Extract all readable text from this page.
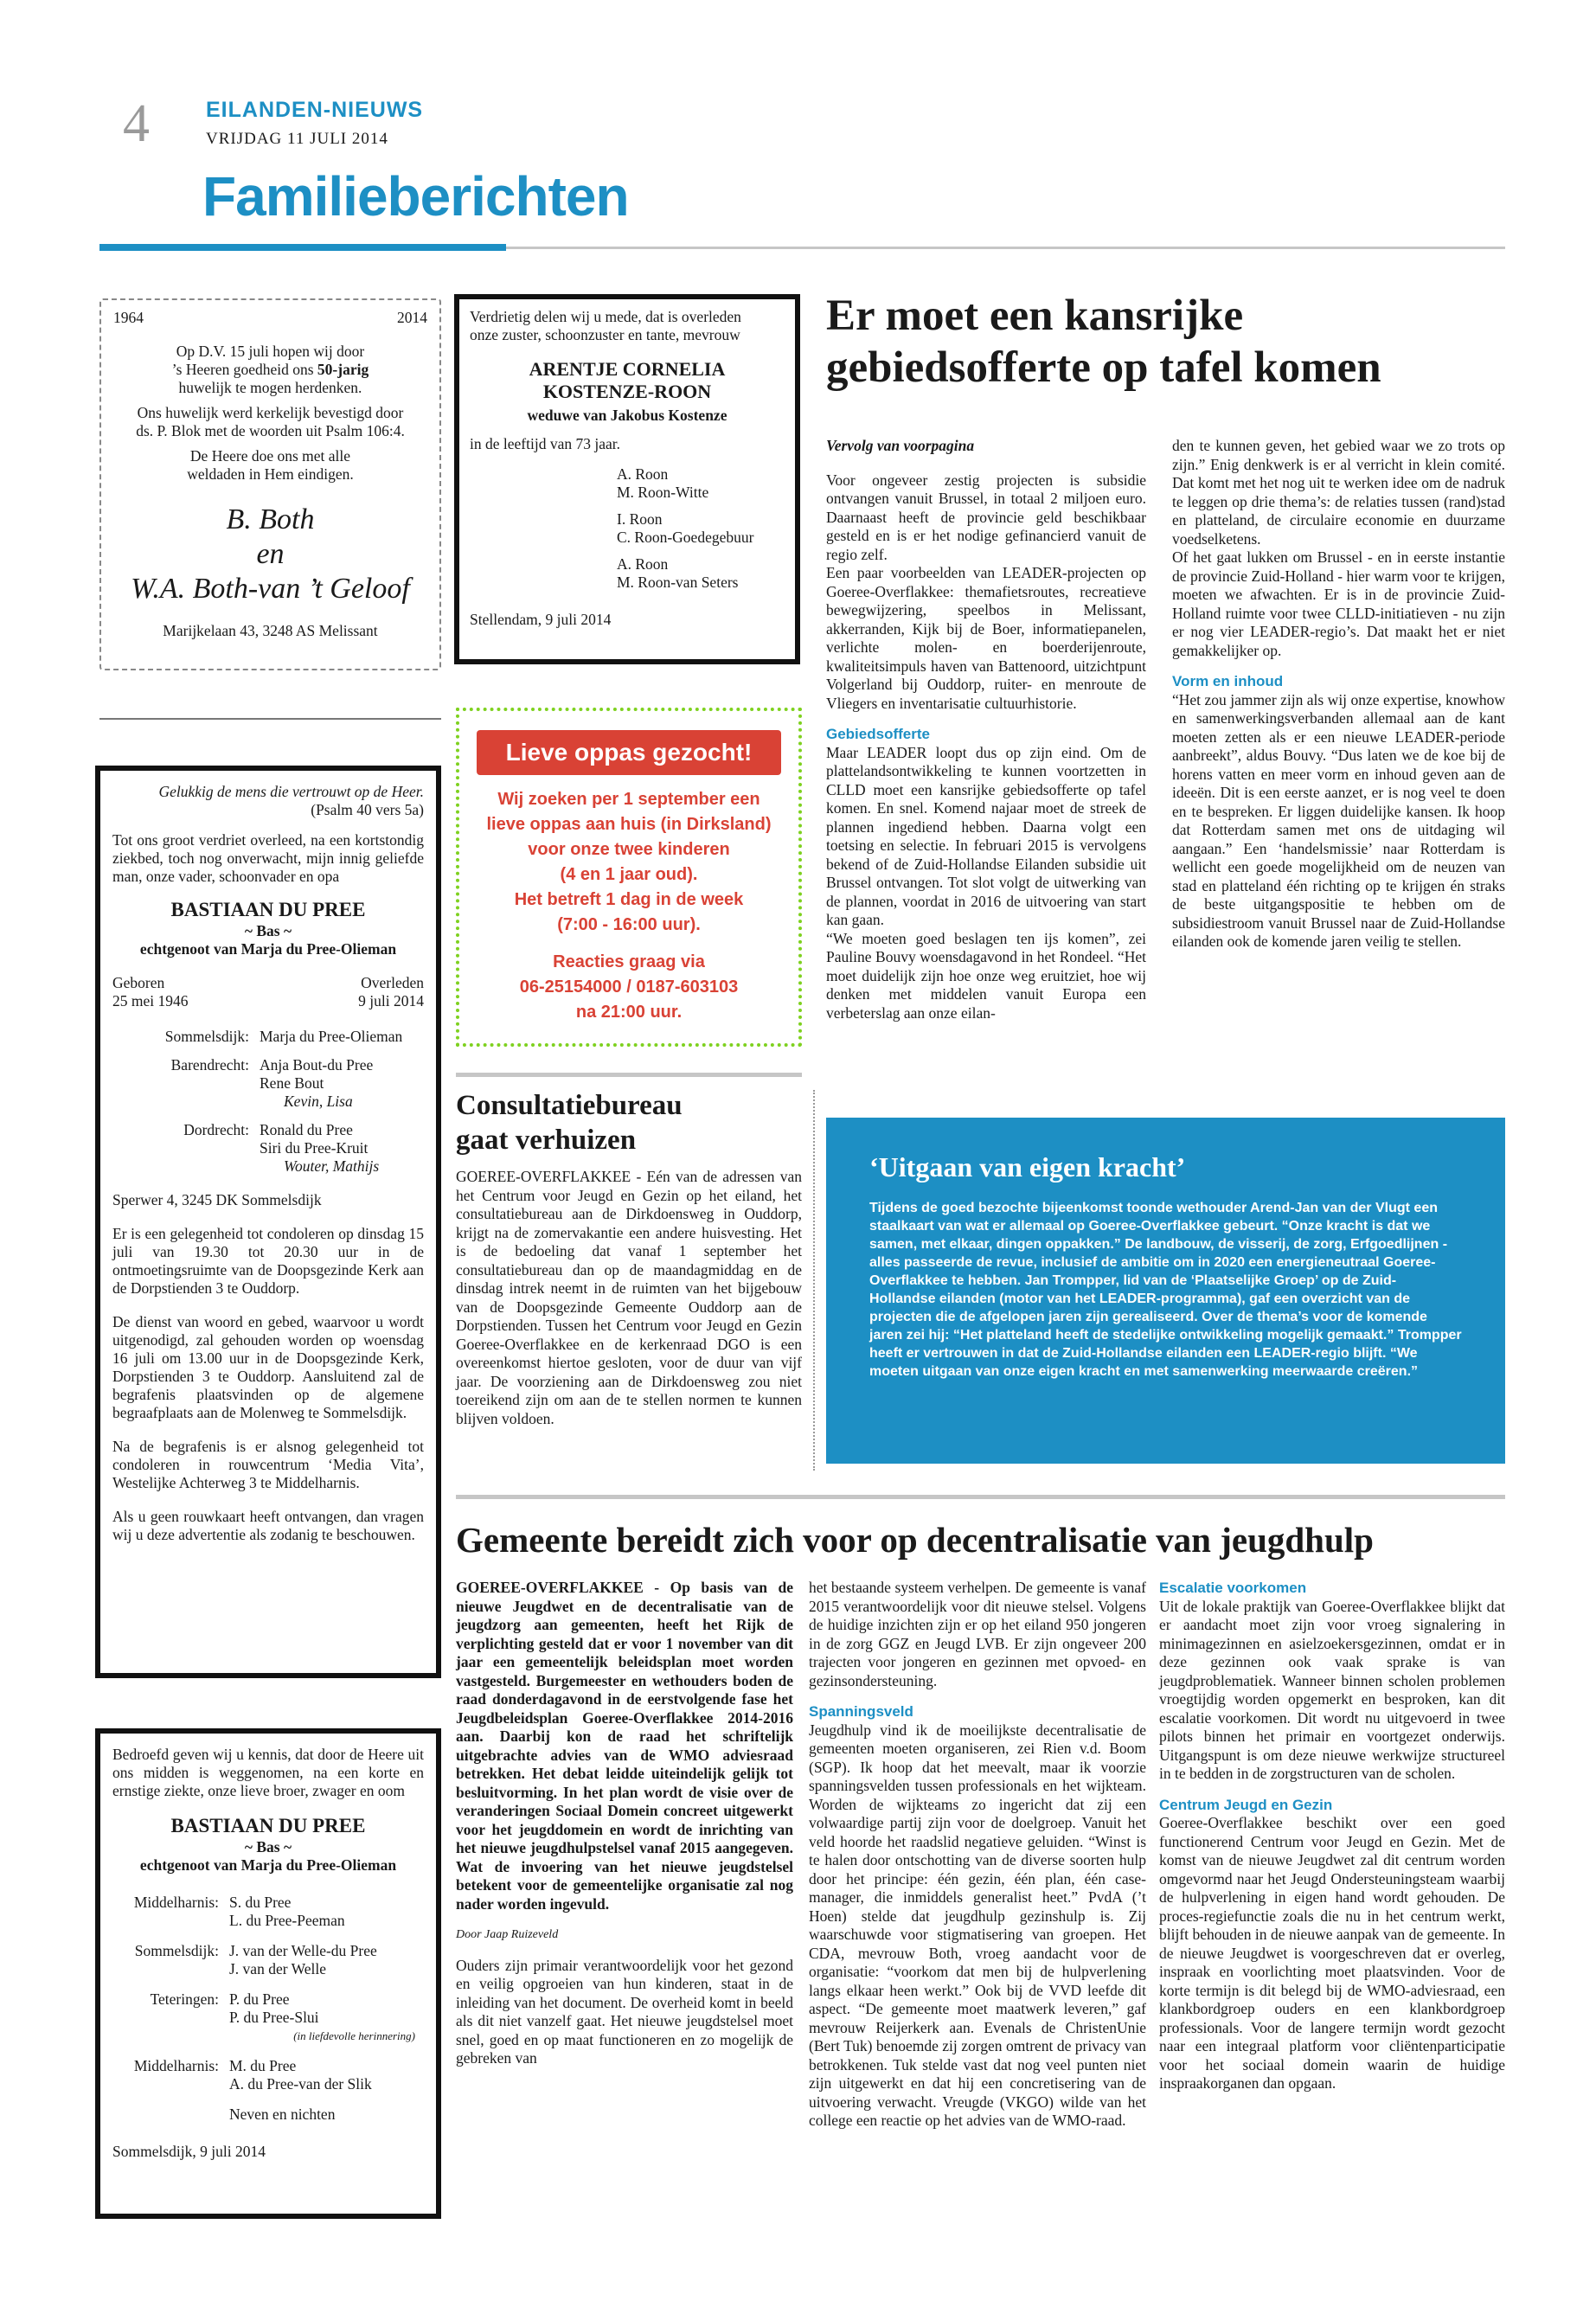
4	EILANDEN-NIEUWS
VRIJDAG 11 JULI 2014
Familieberichten
1964	2014
Op D.V. 15 juli hopen wij door
’s Heeren goedheid ons 50-jarig
huwelijk te mogen herdenken.
Ons huwelijk werd kerkelijk bevestigd door
ds. P. Blok met de woorden uit Psalm 106:4.
De Heere doe ons met alle
weldaden in Hem eindigen.
B. Both
en
W.A. Both-van ’t Geloof
Marijkelaan 43, 3248 AS Melissant
Verdrietig delen wij u mede, dat is overleden
onze zuster, schoonzuster en tante, mevrouw
ARENTJE CORNELIA
KOSTENZE-ROON
weduwe van Jakobus Kostenze
in de leeftijd van 73 jaar.
A. Roon
M. Roon-Witte
I. Roon
C. Roon-Goedegebuur
A. Roon
M. Roon-van Seters
Stellendam, 9 juli 2014
Lieve oppas gezocht!
Wij zoeken per 1 september een
lieve oppas aan huis (in Dirksland)
voor onze twee kinderen
(4 en 1 jaar oud).
Het betreft 1 dag in de week
(7:00 - 16:00 uur).
Reacties graag via
06-25154000 / 0187-603103
na 21:00 uur.
Consultatiebureau
gaat verhuizen
GOEREE-OVERFLAKKEE - Eén van de adressen van het Centrum voor Jeugd en Gezin op het eiland, het consultatiebureau aan de Dirkdoensweg in Ouddorp, krijgt na de zomervakantie een andere huisvesting. Het is de bedoeling dat vanaf 1 september het consultatiebureau dan op de maandagmiddag en de dinsdag intrek neemt in de ruimten van het bijgebouw van de Doopsgezinde Gemeente Ouddorp aan de Dorpstienden. Tussen het Centrum voor Jeugd en Gezin Goeree-Overflakkee en de kerkenraad DGO is een overeenkomst hiertoe gesloten, voor de duur van vijf jaar. De voorziening aan de Dirkdoensweg zou niet toereikend zijn om aan de te stellen normen te kunnen blijven voldoen.
Gelukkig de mens die vertrouwt op de Heer.
(Psalm 40 vers 5a)
Tot ons groot verdriet overleed, na een kortstondig ziekbed, toch nog onverwacht, mijn innig geliefde man, onze vader, schoonvader en opa
BASTIAAN DU PREE
~ Bas ~
echtgenoot van Marja du Pree-Olieman
Geboren
25 mei 1946
Overleden
9 juli 2014
Sommelsdijk: Marja du Pree-Olieman
Barendrecht: Anja Bout-du Pree
Rene Bout
Kevin, Lisa
Dordrecht: Ronald du Pree
Siri du Pree-Kruit
Wouter, Mathijs
Sperwer 4, 3245 DK Sommelsdijk
Er is een gelegenheid tot condoleren op dinsdag 15 juli van 19.30 tot 20.30 uur in de ontmoetingsruimte van de Doopsgezinde Kerk aan de Dorpstienden 3 te Ouddorp.
De dienst van woord en gebed, waarvoor u wordt uitgenodigd, zal gehouden worden op woensdag 16 juli om 13.00 uur in de Doopsgezinde Kerk, Dorpstienden 3 te Ouddorp. Aansluitend zal de begrafenis plaatsvinden op de algemene begraafplaats aan de Molenweg te Sommelsdijk.
Na de begrafenis is er alsnog gelegenheid tot condoleren in rouwcentrum ‘Media Vita’, Westelijke Achterweg 3 te Middelharnis.
Als u geen rouwkaart heeft ontvangen, dan vragen wij u deze advertentie als zodanig te beschouwen.
Bedroefd geven wij u kennis, dat door de Heere uit ons midden is weggenomen, na een korte en ernstige ziekte, onze lieve broer, zwager en oom
BASTIAAN DU PREE
~ Bas ~
echtgenoot van Marja du Pree-Olieman
Middelharnis: S. du Pree
L. du Pree-Peeman
Sommelsdijk: J. van der Welle-du Pree
J. van der Welle
Teteringen: P. du Pree
P. du Pree-Slui
(in liefdevolle herinnering)
Middelharnis: M. du Pree
A. du Pree-van der Slik
Neven en nichten
Sommelsdijk, 9 juli 2014
Er moet een kansrijke
gebiedsofferte op tafel komen
Vervolg van voorpagina
Voor ongeveer zestig projecten is subsidie ontvangen vanuit Brussel, in totaal 2 miljoen euro. Daarnaast heeft de provincie geld beschikbaar gesteld en is er het nodige gefinancierd vanuit de regio zelf.
Een paar voorbeelden van LEADER-projecten op Goeree-Overflakkee: themafietsroutes, recreatieve bewegwijzering, speelbos in Melissant, akkerranden, Kijk bij de Boer, informatiepanelen, verlichte molen- en boerderijenroute, kwaliteitsimpuls haven van Battenoord, uitzichtpunt Volgerland bij Ouddorp, ruiter- en menroute de Vliegers en inventarisatie cultuurhistorie.
Gebiedsofferte
Maar LEADER loopt dus op zijn eind. Om de plattelandsontwikkeling te kunnen voortzetten in CLLD moet een kansrijke gebiedsofferte op tafel komen. En snel. Komend najaar moet de streek de plannen ingediend hebben. Daarna volgt een toetsing en selectie. In februari 2015 is vervolgens bekend of de Zuid-Hollandse Eilanden subsidie uit Brussel ontvangen. Tot slot volgt de uitwerking van de plannen, voordat in 2016 de uitvoering van start kan gaan.
“We moeten goed beslagen ten ijs komen”, zei Pauline Bouvy woensdagavond in het Rondeel. “Het moet duidelijk zijn hoe onze weg eruitziet, hoe wij denken met middelen vanuit Europa een verbeterslag aan onze eilan-
den te kunnen geven, het gebied waar we zo trots op zijn.” Enig denkwerk is er al verricht in klein comité. Dat komt met het nog uit te werken idee om de nadruk te leggen op drie thema’s: de relaties tussen (rand)stad en platteland, de circulaire economie en duurzame voedselketens.
Of het gaat lukken om Brussel - en in eerste instantie de provincie Zuid-Holland - hier warm voor te krijgen, moeten we afwachten. Er is in de provincie Zuid-Holland ruimte voor twee CLLD-initiatieven - nu zijn er nog vier LEADER-regio’s. Dat maakt het er niet gemakkelijker op.
Vorm en inhoud
“Het zou jammer zijn als wij onze expertise, knowhow en samenwerkingsverbanden allemaal aan de kant moeten zetten als er een nieuwe LEADER-periode aanbreekt”, aldus Bouvy. “Dus laten we de koe bij de horens vatten en meer vorm en inhoud geven aan de ideeën. Dit is een eerste aanzet, er is nog veel te doen en te bespreken. Er liggen duidelijke kansen. Ik hoop dat Rotterdam samen met ons de uitdaging wil aangaan.” Een ‘handelsmissie’ naar Rotterdam is wellicht een goede mogelijkheid om de neuzen van stad en platteland één richting op te krijgen én straks de beste uitgangspositie te hebben om de subsidiestroom vanuit Brussel naar de Zuid-Hollandse eilanden ook de komende jaren veilig te stellen.
‘Uitgaan van eigen kracht’
Tijdens de goed bezochte bijeenkomst toonde wethouder Arend-Jan van der Vlugt een staalkaart van wat er allemaal op Goeree-Overflakkee gebeurt. “Onze kracht is dat we samen, met elkaar, dingen oppakken.” De landbouw, de visserij, de zorg, Erfgoedlijnen - alles passeerde de revue, inclusief de ambitie om in 2020 een energieneutraal Goeree-Overflakkee te hebben. Jan Trompper, lid van de ‘Plaatselijke Groep’ op de Zuid-Hollandse eilanden (motor van het LEADER-programma), gaf een overzicht van de projecten die de afgelopen jaren zijn gerealiseerd. Over de thema’s voor de komende jaren zei hij: “Het platteland heeft de stedelijke ontwikkeling mogelijk gemaakt.” Trompper heeft er vertrouwen in dat de Zuid-Hollandse eilanden een LEADER-regio blijft. “We moeten uitgaan van onze eigen kracht en met samenwerking meerwaarde creëren.”
Gemeente bereidt zich voor op decentralisatie van jeugdhulp
GOEREE-OVERFLAKKEE - Op basis van de nieuwe Jeugdwet en de decentralisatie van de jeugdzorg aan gemeenten, heeft het Rijk de verplichting gesteld dat er voor 1 november van dit jaar een gemeentelijk beleidsplan moet worden vastgesteld. Burgemeester en wethouders boden de raad donderdagavond in de eerstvolgende fase het Jeugdbeleidsplan Goeree-Overflakkee 2014-2016 aan. Daarbij kon de raad het schriftelijk uitgebrachte advies van de WMO adviesraad betrekken. Het debat leidde uiteindelijk gelijk tot besluitvorming. In het plan wordt de visie over de veranderingen Sociaal Domein concreet uitgewerkt voor het jeugddomein en wordt de inrichting van het nieuwe jeugdhulpstelsel vanaf 2015 aangegeven. Wat de invoering van het nieuwe jeugdstelsel betekent voor de gemeentelijke organisatie zal nog nader worden ingevuld.
Door Jaap Ruizeveld
Ouders zijn primair verantwoordelijk voor het gezond en veilig opgroeien van hun kinderen, staat in de inleiding van het document. De overheid komt in beeld als dit niet vanzelf gaat. Het nieuwe jeugdstelsel moet snel, goed en op maat functioneren en zo mogelijk de gebreken van
het bestaande systeem verhelpen. De gemeente is vanaf 2015 verantwoordelijk voor dit nieuwe stelsel. Volgens de huidige inzichten zijn er op het eiland 950 jongeren in de zorg GGZ en Jeugd LVB. Er zijn ongeveer 200 trajecten voor jongeren en gezinnen met opvoed- en gezinsondersteuning.
Spanningsveld
Jeugdhulp vind ik de moeilijkste decentralisatie de gemeenten moeten organiseren, zei Rien v.d. Boom (SGP). Ik hoop dat het meevalt, maar ik voorzie spanningsvelden tussen professionals en het wijkteam. Worden de wijkteams zo ingericht dat zij een volwaardige partij zijn voor de doelgroep. Vanuit het veld hoorde het raadslid negatieve geluiden. “Winst is te halen door ontschotting van de diverse soorten hulp door het principe: één gezin, één plan, één case-manager, die inmiddels generalist heet.” PvdA (’t Hoen) stelde dat jeugdhulp gezinshulp is. Zij waarschuwde voor stigmatisering van groepen. Het CDA, mevrouw Both, vroeg aandacht voor de organisatie: “voorkom dat men bij de hulpverlening langs elkaar heen werkt.” Ook bij de VVD leefde dit aspect. “De gemeente moet maatwerk leveren,” gaf mevrouw Reijerkerk aan. Evenals de ChristenUnie (Bert Tuk) benoemde zij zorgen omtrent de privacy van betrokkenen. Tuk stelde vast dat nog veel punten niet zijn uitgewerkt en dat hij een concretisering van de uitvoering verwacht. Vreugde (VKGO) wilde van het college een reactie op het advies van de WMO-raad.
Escalatie voorkomen
Uit de lokale praktijk van Goeree-Overflakkee blijkt dat er aandacht moet zijn voor vroeg signalering in minimagezinnen en asielzoekersgezinnen, omdat er in deze gezinnen ook vaak sprake is van jeugdproblematiek. Wanneer binnen scholen problemen vroegtijdig worden opgemerkt en besproken, kan dit escalatie voorkomen. Dit wordt nu uitgevoerd in twee pilots binnen het primair en voortgezet onderwijs. Uitgangspunt is om deze nieuwe werkwijze structureel in te bedden in de zorgstructuren van de scholen.
Centrum Jeugd en Gezin
Goeree-Overflakkee beschikt over een goed functionerend Centrum voor Jeugd en Gezin. Met de komst van de nieuwe Jeugdwet zal dit centrum worden omgevormd naar het Jeugd Ondersteuningsteam waarbij de hulpverlening in eigen hand wordt gehouden. De proces-regiefunctie zoals die nu in het centrum werkt, blijft behouden in de nieuwe aanpak van de gemeente. In de nieuwe Jeugdwet is voorgeschreven dat er overleg, inspraak en voorlichting moet plaatsvinden. Voor de korte termijn is dit belegd bij de WMO-adviesraad, een klankbordgroep ouders en een klankbordgroep professionals. Voor de langere termijn wordt gezocht naar een integraal platform voor cliëntenparticipatie voor het sociaal domein waarin de huidige inspraakorganen dan opgaan.
